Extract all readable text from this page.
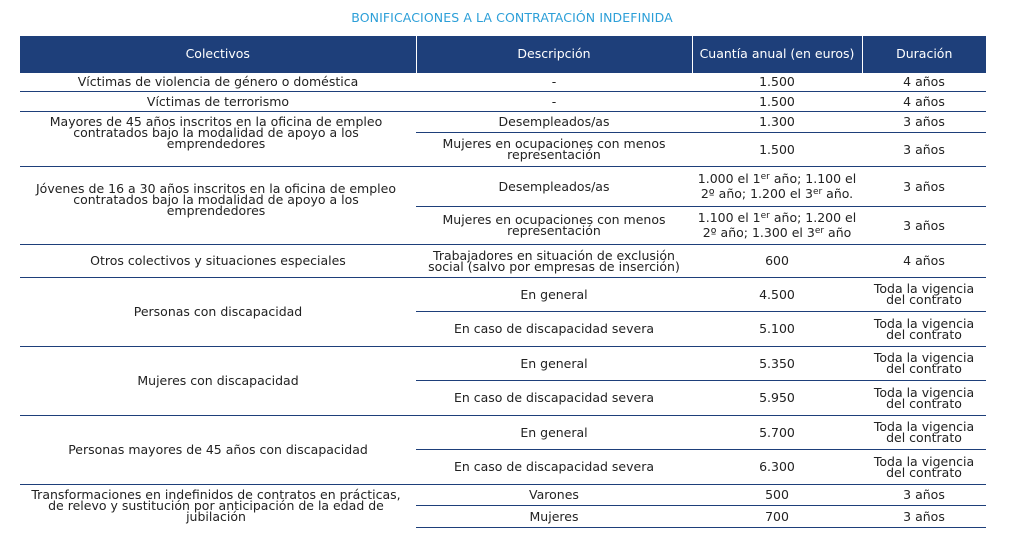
BONIFICACIONES A LA CONTRATACIÓN INDEFINIDA
Colectivos	Descripción	Cuantía anual (en euros)	Duración
Víctimas de violencia de género o doméstica	-	1.500	4 años
Víctimas de terrorismo	-	1.500	4 años
Mayores de 45 años inscritos en la oficina de empleo contratados bajo la modalidad de apoyo a los emprendedores	Desempleados/as	1.300	3 años
	Mujeres en ocupaciones con menos representación	1.500	3 años
Jóvenes de 16 a 30 años inscritos en la oficina de empleo contratados bajo la modalidad de apoyo a los emprendedores	Desempleados/as	1.000 el 1er año; 1.100 el 2º año; 1.200 el 3er año.	3 años
	Mujeres en ocupaciones con menos representación	1.100 el 1er año; 1.200 el 2º año; 1.300 el 3er año	3 años
Otros colectivos y situaciones especiales	Trabajadores en situación de exclusión social (salvo por empresas de inserción)	600	4 años
Personas con discapacidad	En general	4.500	Toda la vigencia del contrato
	En caso de discapacidad severa	5.100	Toda la vigencia del contrato
Mujeres con discapacidad	En general	5.350	Toda la vigencia del contrato
	En caso de discapacidad severa	5.950	Toda la vigencia del contrato
Personas mayores de 45 años con discapacidad	En general	5.700	Toda la vigencia del contrato
	En caso de discapacidad severa	6.300	Toda la vigencia del contrato
Transformaciones en indefinidos de contratos en prácticas, de relevo y sustitución por anticipación de la edad de jubilación	Varones	500	3 años
	Mujeres	700	3 años
